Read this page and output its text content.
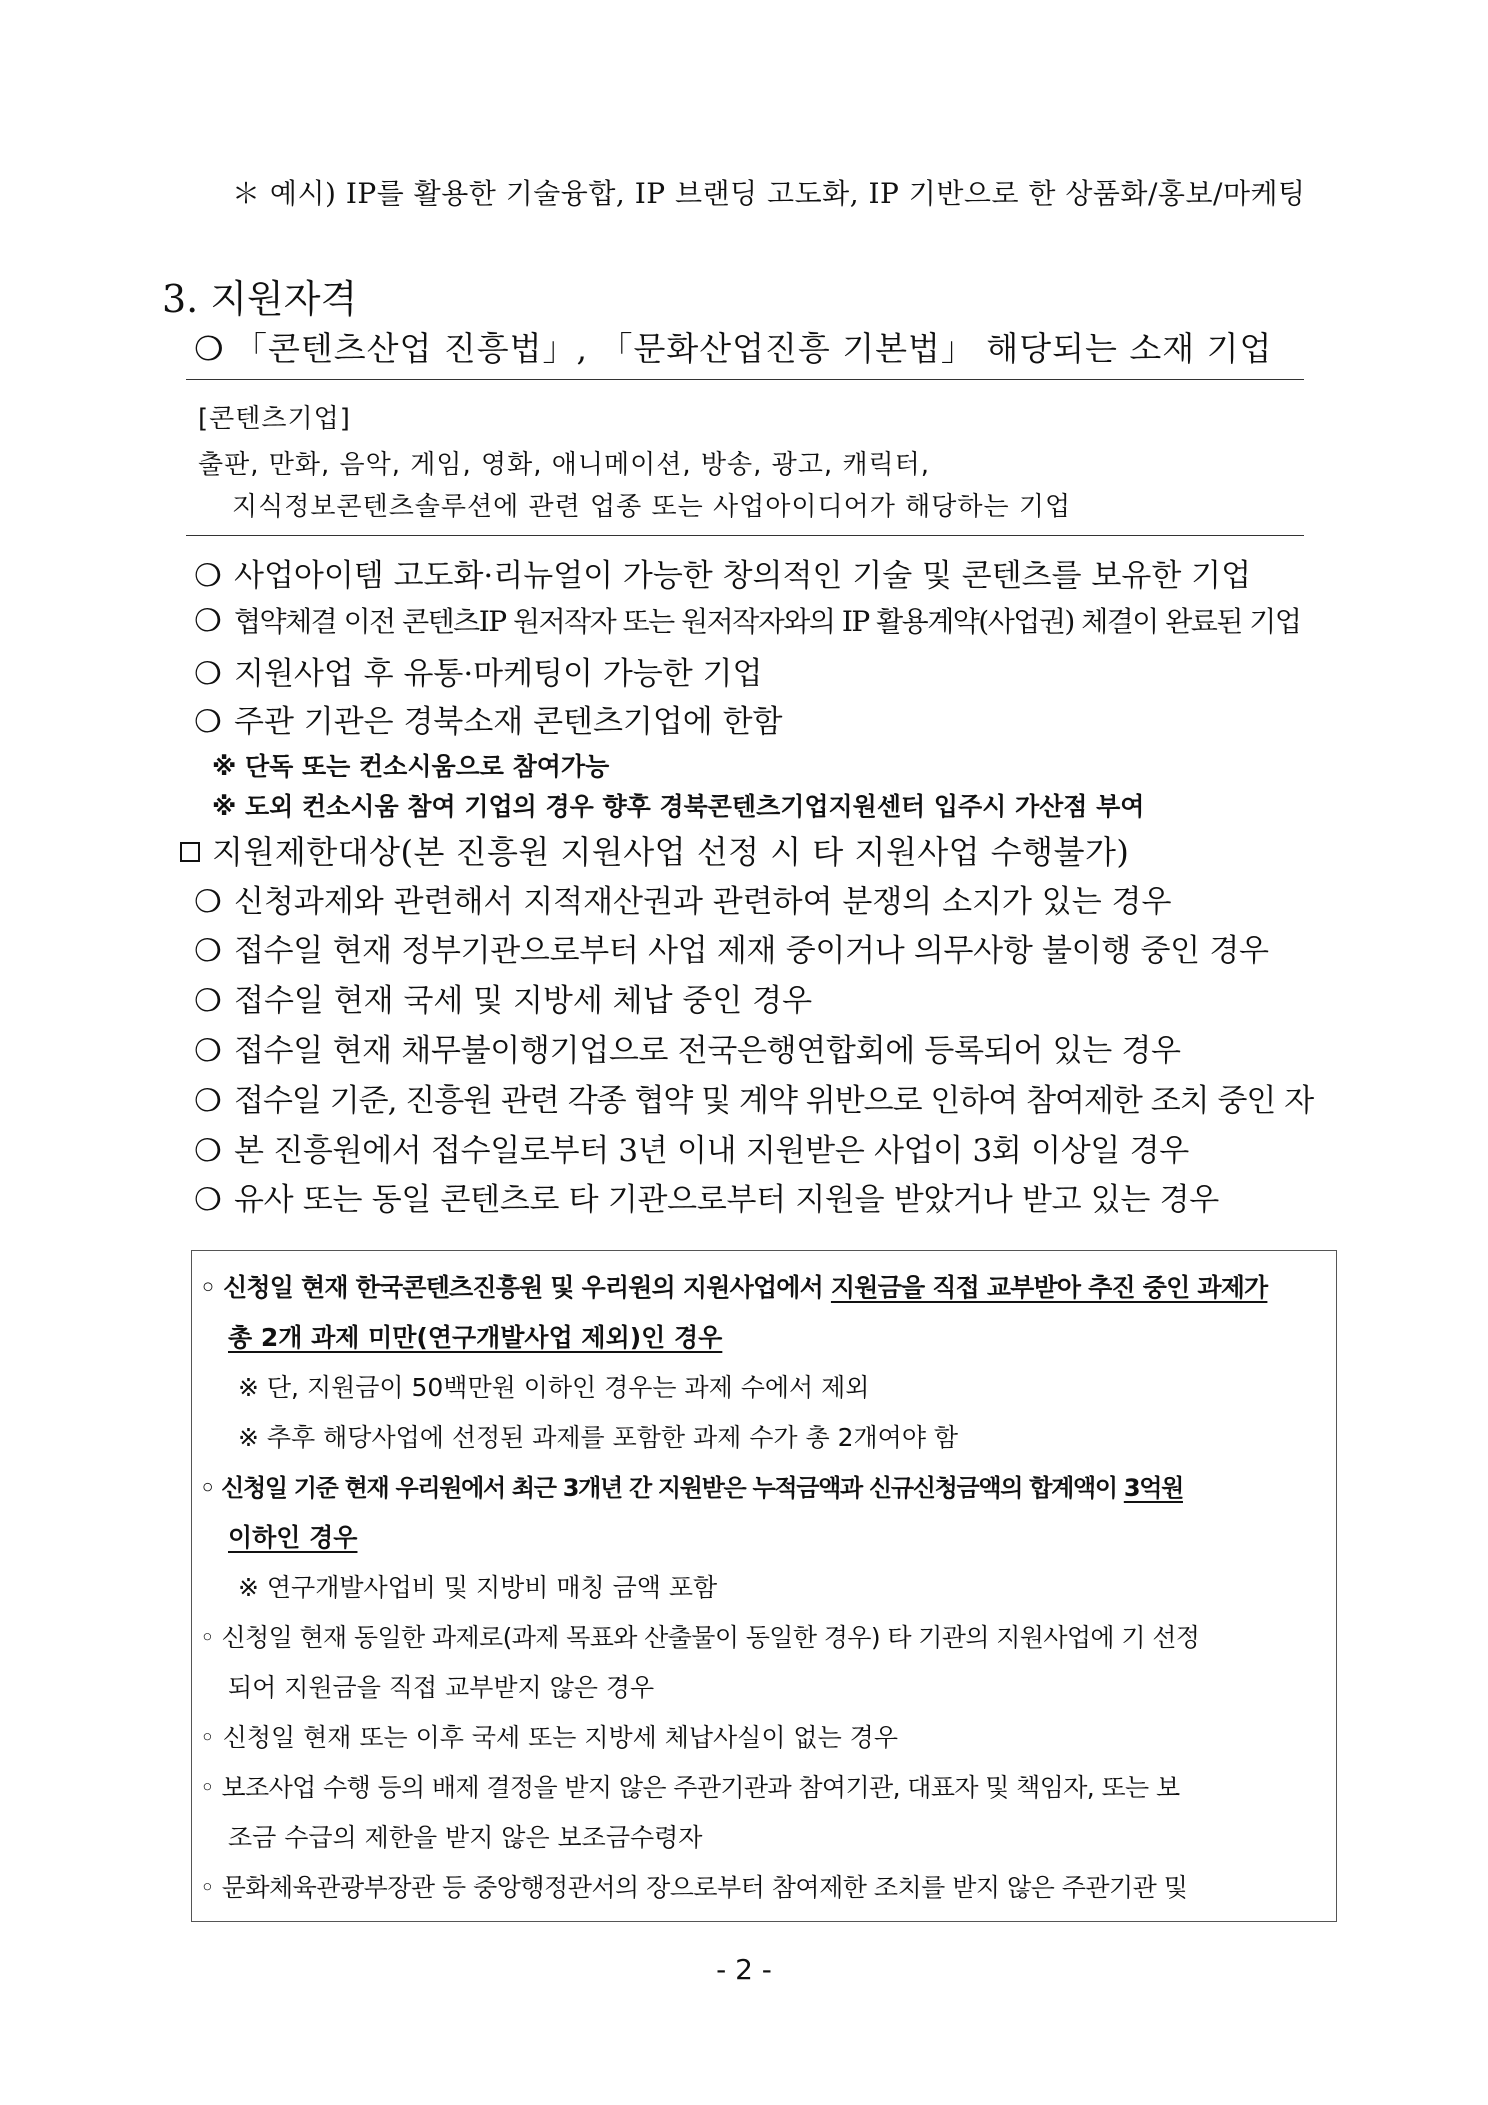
＊ 예시) IP를 활용한 기술융합, IP 브랜딩 고도화, IP 기반으로 한 상품화/홍보/마케팅
3. 지원자격
❍ 「콘텐츠산업 진흥법」, 「문화산업진흥 기본법」 해당되는 소재 기업
[콘텐츠기업]
출판, 만화, 음악, 게임, 영화, 애니메이션, 방송, 광고, 캐릭터,
지식정보콘텐츠솔루션에 관련 업종 또는 사업아이디어가 해당하는 기업
❍ 사업아이템 고도화·리뉴얼이 가능한 창의적인 기술 및 콘텐츠를 보유한 기업
❍ 협약체결 이전 콘텐츠IP 원저작자 또는 원저작자와의 IP 활용계약(사업권) 체결이 완료된 기업
❍ 지원사업 후 유통·마케팅이 가능한 기업
❍ 주관 기관은 경북소재 콘텐츠기업에 한함
※ 단독 또는 컨소시움으로 참여가능
※ 도외 컨소시움 참여 기업의 경우 향후 경북콘텐츠기업지원센터 입주시 가산점 부여
지원제한대상(본 진흥원 지원사업 선정 시 타 지원사업 수행불가)
❍ 신청과제와 관련해서 지적재산권과 관련하여 분쟁의 소지가 있는 경우
❍ 접수일 현재 정부기관으로부터 사업 제재 중이거나 의무사항 불이행 중인 경우
❍ 접수일 현재 국세 및 지방세 체납 중인 경우
❍ 접수일 현재 채무불이행기업으로 전국은행연합회에 등록되어 있는 경우
❍ 접수일 기준, 진흥원 관련 각종 협약 및 계약 위반으로 인하여 참여제한 조치 중인 자
❍ 본 진흥원에서 접수일로부터 3년 이내 지원받은 사업이 3회 이상일 경우
❍ 유사 또는 동일 콘텐츠로 타 기관으로부터 지원을 받았거나 받고 있는 경우
◦ 신청일 현재 한국콘텐츠진흥원 및 우리원의 지원사업에서 지원금을 직접 교부받아 추진 중인 과제가
총 2개 과제 미만(연구개발사업 제외)인 경우
※ 단, 지원금이 50백만원 이하인 경우는 과제 수에서 제외
※ 추후 해당사업에 선정된 과제를 포함한 과제 수가 총 2개여야 함
◦ 신청일 기준 현재 우리원에서 최근 3개년 간 지원받은 누적금액과 신규신청금액의 합계액이 3억원
이하인 경우
※ 연구개발사업비 및 지방비 매칭 금액 포함
◦ 신청일 현재 동일한 과제로(과제 목표와 산출물이 동일한 경우) 타 기관의 지원사업에 기 선정
되어 지원금을 직접 교부받지 않은 경우
◦ 신청일 현재 또는 이후 국세 또는 지방세 체납사실이 없는 경우
◦ 보조사업 수행 등의 배제 결정을 받지 않은 주관기관과 참여기관, 대표자 및 책임자, 또는 보
조금 수급의 제한을 받지 않은 보조금수령자
◦ 문화체육관광부장관 등 중앙행정관서의 장으로부터 참여제한 조치를 받지 않은 주관기관 및
- 2 -
